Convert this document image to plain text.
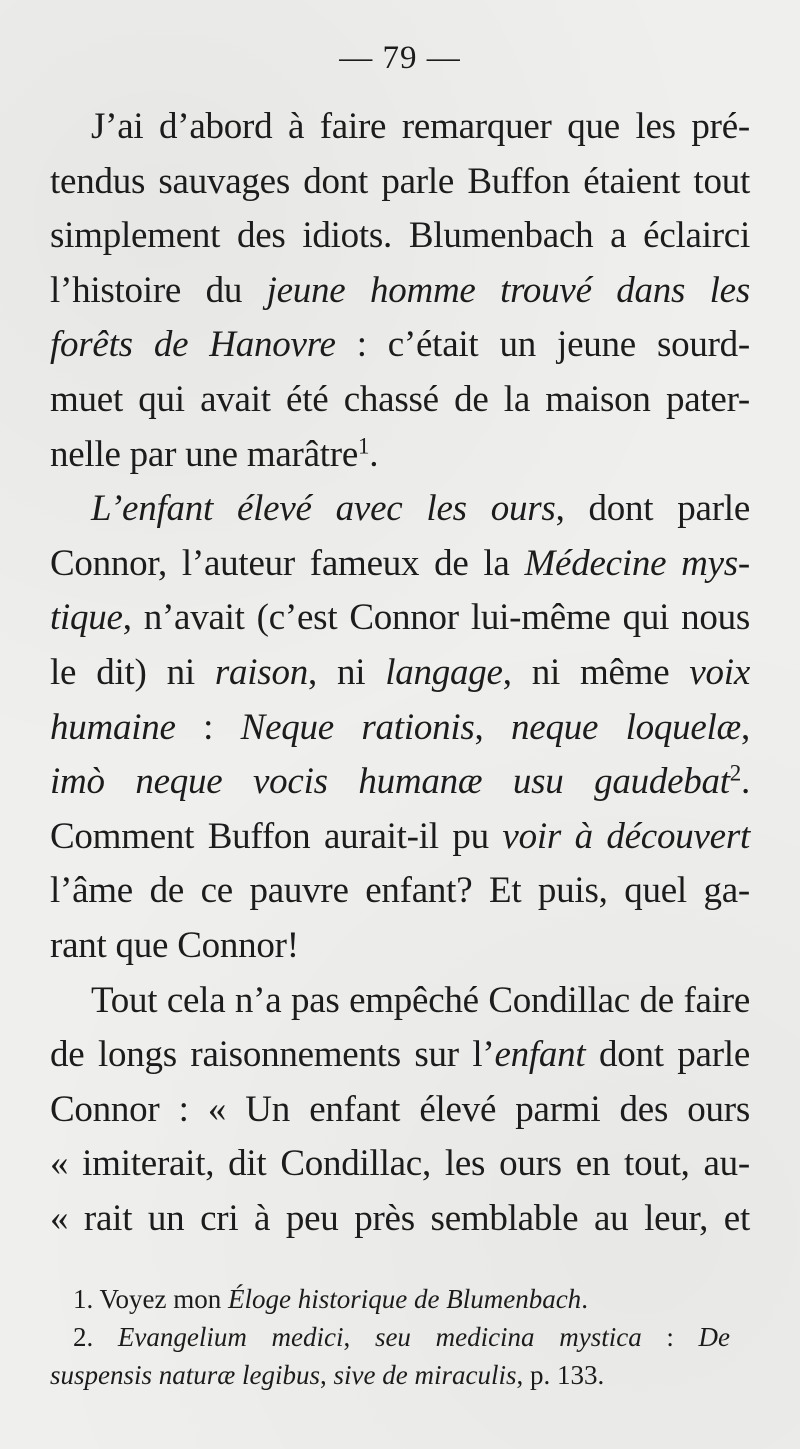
— 79 —
J’ai d’abord à faire remarquer que les pré-
tendus sauvages dont parle Buffon étaient tout
simplement des idiots. Blumenbach a éclairci
l’histoire du jeune homme trouvé dans les
forêts de Hanovre : c’était un jeune sourd-
muet qui avait été chassé de la maison pater-
nelle par une marâtre$^1$.
L’enfant élevé avec les ours, dont parle
Connor, l’auteur fameux de la Médecine mys-
tique, n’avait (c’est Connor lui-même qui nous
le dit) ni raison, ni langage, ni même voix
humaine : Neque rationis, neque loquelæ,
imò neque vocis humanæ usu gaudebat$^2$.
Comment Buffon aurait-il pu voir à découvert
l’âme de ce pauvre enfant? Et puis, quel ga-
rant que Connor!
Tout cela n’a pas empêché Condillac de faire
de longs raisonnements sur l’enfant dont parle
Connor : « Un enfant élevé parmi des ours
« imiterait, dit Condillac, les ours en tout, au-
« rait un cri à peu près semblable au leur, et
1. Voyez mon Éloge historique de Blumenbach.
2. Evangelium medici, seu medicina mystica : De
suspensis naturæ legibus, sive de miraculis, p. 133.
